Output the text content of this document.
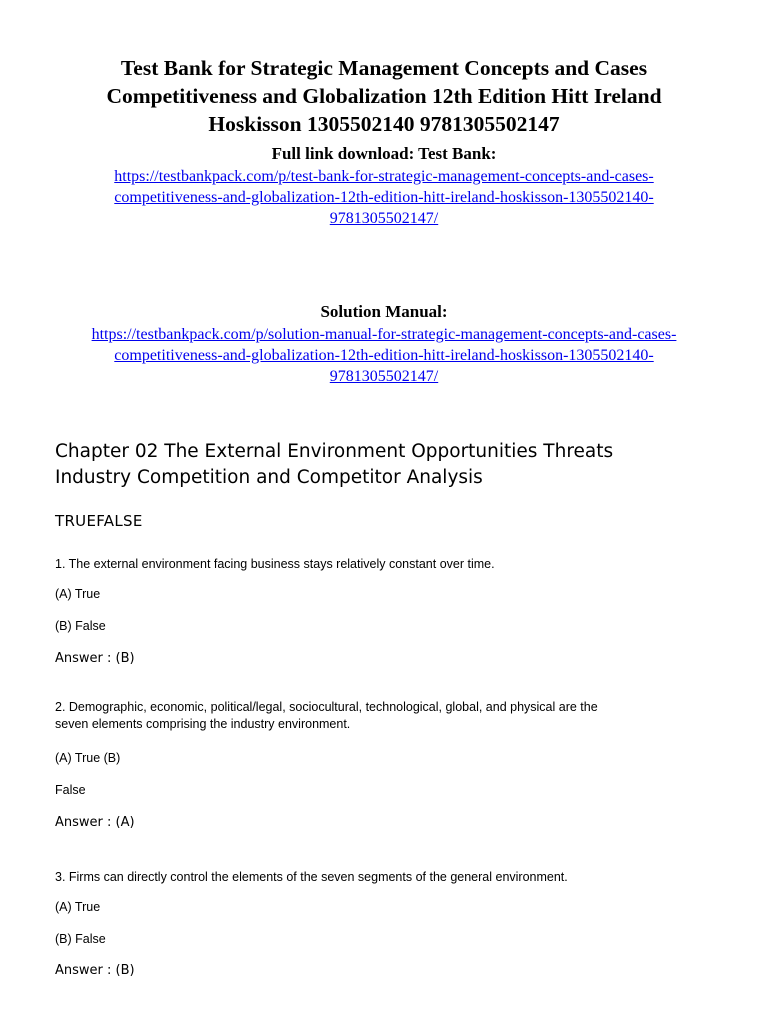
Test Bank for Strategic Management Concepts and Cases
Competitiveness and Globalization 12th Edition Hitt Ireland
Hoskisson 1305502140 9781305502147
Full link download: Test Bank:
https://testbankpack.com/p/test-bank-for-strategic-management-concepts-and-cases-
competitiveness-and-globalization-12th-edition-hitt-ireland-hoskisson-1305502140-
9781305502147/
Solution Manual:
https://testbankpack.com/p/solution-manual-for-strategic-management-concepts-and-cases-
competitiveness-and-globalization-12th-edition-hitt-ireland-hoskisson-1305502140-
9781305502147/
Chapter 02 The External Environment Opportunities Threats
Industry Competition and Competitor Analysis
TRUEFALSE
1. The external environment facing business stays relatively constant over time.
(A) True
(B) False
Answer : (B)
2. Demographic, economic, political/legal, sociocultural, technological, global, and physical are the
seven elements comprising the industry environment.
(A) True (B)
False
Answer : (A)
3. Firms can directly control the elements of the seven segments of the general environment.
(A) True
(B) False
Answer : (B)
